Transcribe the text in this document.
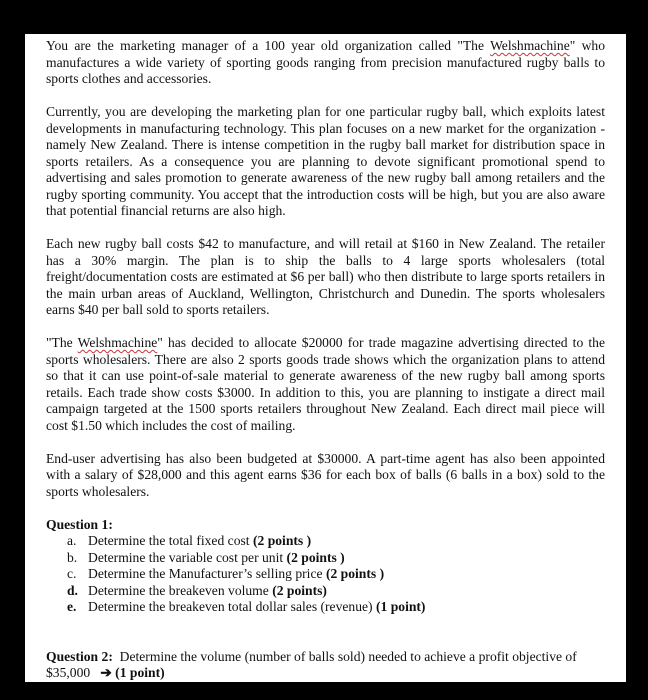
You are the marketing manager of a 100 year old organization called "The Welshmachine" who manufactures a wide variety of sporting goods ranging from precision manufactured rugby balls to sports clothes and accessories.

Currently, you are developing the marketing plan for one particular rugby ball, which exploits latest developments in manufacturing technology. This plan focuses on a new market for the organization - namely New Zealand. There is intense competition in the rugby ball market for distribution space in sports retailers. As a consequence you are planning to devote significant promotional spend to advertising and sales promotion to generate awareness of the new rugby ball among retailers and the rugby sporting community. You accept that the introduction costs will be high, but you are also aware that potential financial returns are also high.

Each new rugby ball costs $42 to manufacture, and will retail at $160 in New Zealand. The retailer has a 30% margin. The plan is to ship the balls to 4 large sports wholesalers (total freight/documentation costs are estimated at $6 per ball) who then distribute to large sports retailers in the main urban areas of Auckland, Wellington, Christchurch and Dunedin. The sports wholesalers earns $40 per ball sold to sports retailers.

"The Welshmachine" has decided to allocate $20000 for trade magazine advertising directed to the sports wholesalers. There are also 2 sports goods trade shows which the organization plans to attend so that it can use point-of-sale material to generate awareness of the new rugby ball among sports retails. Each trade show costs $3000. In addition to this, you are planning to instigate a direct mail campaign targeted at the 1500 sports retailers throughout New Zealand. Each direct mail piece will cost $1.50 which includes the cost of mailing.

End-user advertising has also been budgeted at $30000. A part-time agent has also been appointed with a salary of $28,000 and this agent earns $36 for each box of balls (6 balls in a box) sold to the sports wholesalers.

Question 1:
a. Determine the total fixed cost (2 points )
b. Determine the variable cost per unit (2 points )
c. Determine the Manufacturer’s selling price (2 points )
d. Determine the breakeven volume (2 points)
e. Determine the breakeven total dollar sales (revenue) (1 point)

Question 2:  Determine the volume (number of balls sold) needed to achieve a profit objective of $35,000   ➔ (1 point)
